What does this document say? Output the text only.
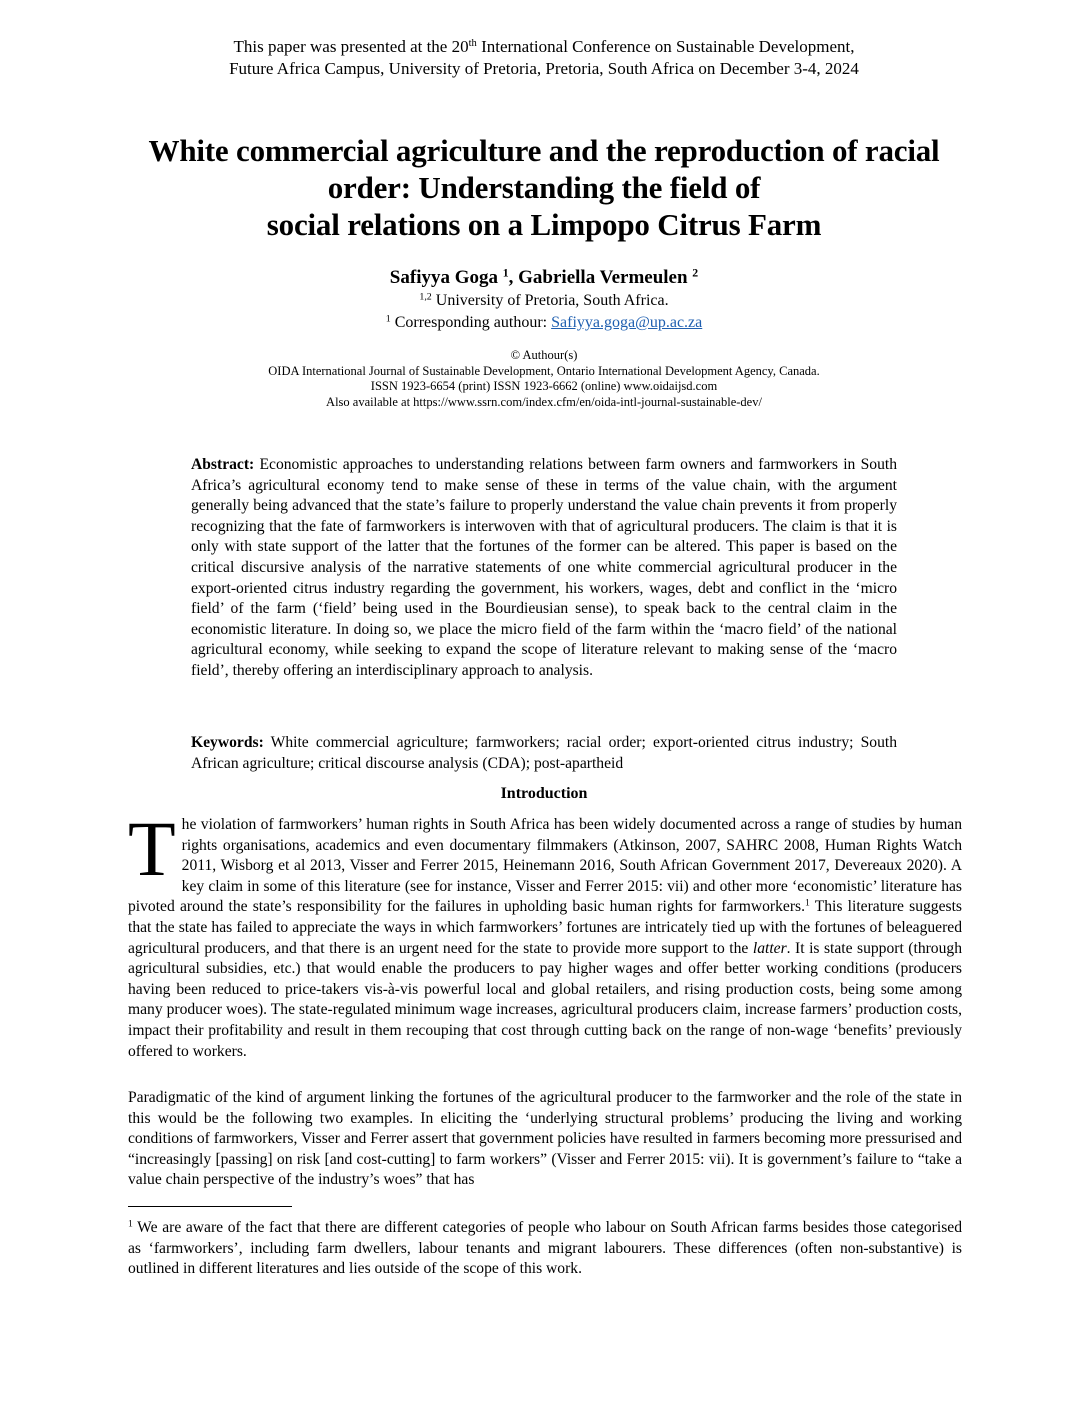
This paper was presented at the 20th International Conference on Sustainable Development,
Future Africa Campus, University of Pretoria, Pretoria, South Africa on December 3-4, 2024
White commercial agriculture and the reproduction of racial
order: Understanding the field of
social relations on a Limpopo Citrus Farm
Safiyya Goga $^1$, Gabriella Vermeulen $^2$
$^{1,2}$ University of Pretoria, South Africa.
$^1$ Corresponding authour: Safiyya.goga@up.ac.za
© Authour(s)
OIDA International Journal of Sustainable Development, Ontario International Development Agency, Canada.
ISSN 1923-6654 (print) ISSN 1923-6662 (online) www.oidaijsd.com
Also available at https://www.ssrn.com/index.cfm/en/oida-intl-journal-sustainable-dev/
Abstract: Economistic approaches to understanding relations between farm owners and farmworkers in South Africa’s agricultural economy tend to make sense of these in terms of the value chain, with the argument generally being advanced that the state’s failure to properly understand the value chain prevents it from properly recognizing that the fate of farmworkers is interwoven with that of agricultural producers. The claim is that it is only with state support of the latter that the fortunes of the former can be altered. This paper is based on the critical discursive analysis of the narrative statements of one white commercial agricultural producer in the export-oriented citrus industry regarding the government, his workers, wages, debt and conflict in the ‘micro field’ of the farm (‘field’ being used in the Bourdieusian sense), to speak back to the central claim in the economistic literature. In doing so, we place the micro field of the farm within the ‘macro field’ of the national agricultural economy, while seeking to expand the scope of literature relevant to making sense of the ‘macro field’, thereby offering an interdisciplinary approach to analysis.
Keywords: White commercial agriculture; farmworkers; racial order; export-oriented citrus industry; South African agriculture; critical discourse analysis (CDA); post-apartheid
Introduction
The violation of farmworkers’ human rights in South Africa has been widely documented across a range of studies by human rights organisations, academics and even documentary filmmakers (Atkinson, 2007, SAHRC 2008, Human Rights Watch 2011, Wisborg et al 2013, Visser and Ferrer 2015, Heinemann 2016, South African Government 2017, Devereaux 2020). A key claim in some of this literature (see for instance, Visser and Ferrer 2015: vii) and other more ‘economistic’ literature has pivoted around the state’s responsibility for the failures in upholding basic human rights for farmworkers.$^1$ This literature suggests that the state has failed to appreciate the ways in which farmworkers’ fortunes are intricately tied up with the fortunes of beleaguered agricultural producers, and that there is an urgent need for the state to provide more support to the latter. It is state support (through agricultural subsidies, etc.) that would enable the producers to pay higher wages and offer better working conditions (producers having been reduced to price-takers vis-à-vis powerful local and global retailers, and rising production costs, being some among many producer woes). The state-regulated minimum wage increases, agricultural producers claim, increase farmers’ production costs, impact their profitability and result in them recouping that cost through cutting back on the range of non-wage ‘benefits’ previously offered to workers.
Paradigmatic of the kind of argument linking the fortunes of the agricultural producer to the farmworker and the role of the state in this would be the following two examples. In eliciting the ‘underlying structural problems’ producing the living and working conditions of farmworkers, Visser and Ferrer assert that government policies have resulted in farmers becoming more pressurised and “increasingly [passing] on risk [and cost-cutting] to farm workers” (Visser and Ferrer 2015: vii). It is government’s failure to “take a value chain perspective of the industry’s woes” that has
$^1$ We are aware of the fact that there are different categories of people who labour on South African farms besides those categorised as ‘farmworkers’, including farm dwellers, labour tenants and migrant labourers. These differences (often non-substantive) is outlined in different literatures and lies outside of the scope of this work.
